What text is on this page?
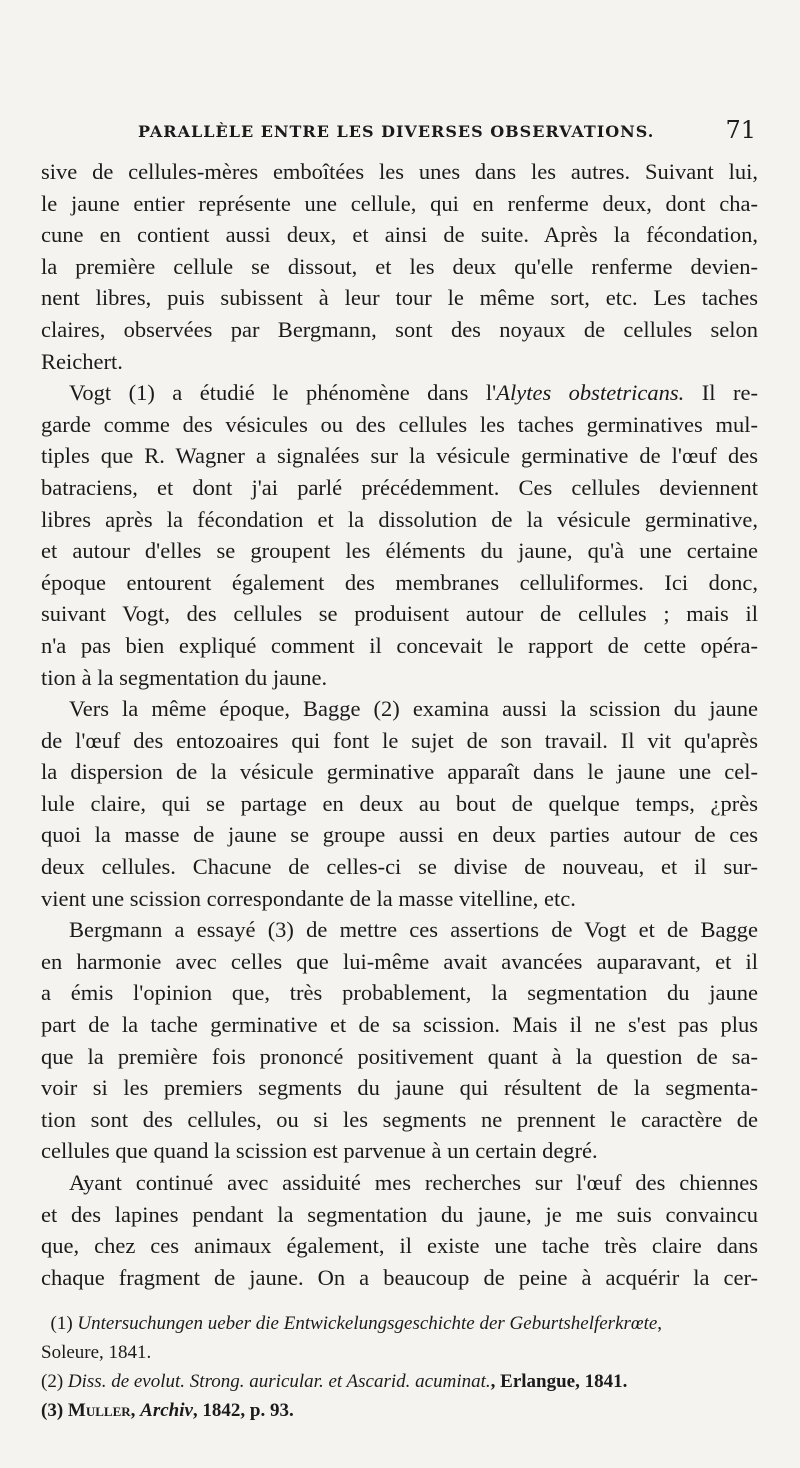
PARALLÈLE ENTRE LES DIVERSES OBSERVATIONS.	71

sive de cellules-mères emboîtées les unes dans les autres. Suivant lui,
le jaune entier représente une cellule, qui en renferme deux, dont cha-
cune en contient aussi deux, et ainsi de suite. Après la fécondation,
la première cellule se dissout, et les deux qu'elle renferme devien-
nent libres, puis subissent à leur tour le même sort, etc. Les taches
claires, observées par Bergmann, sont des noyaux de cellules selon
Reichert.

Vogt (1) a étudié le phénomène dans l'Alytes obstetricans. Il re-
garde comme des vésicules ou des cellules les taches germinatives mul-
tiples que R. Wagner a signalées sur la vésicule germinative de l'œuf des
batraciens, et dont j'ai parlé précédemment. Ces cellules deviennent
libres après la fécondation et la dissolution de la vésicule germinative,
et autour d'elles se groupent les éléments du jaune, qu'à une certaine
époque entourent également des membranes celluliformes. Ici donc,
suivant Vogt, des cellules se produisent autour de cellules ; mais il
n'a pas bien expliqué comment il concevait le rapport de cette opéra-
tion à la segmentation du jaune.

Vers la même époque, Bagge (2) examina aussi la scission du jaune
de l'œuf des entozoaires qui font le sujet de son travail. Il vit qu'après
la dispersion de la vésicule germinative apparaît dans le jaune une cel-
lule claire, qui se partage en deux au bout de quelque temps, ¿près
quoi la masse de jaune se groupe aussi en deux parties autour de ces
deux cellules. Chacune de celles-ci se divise de nouveau, et il sur-
vient une scission correspondante de la masse vitelline, etc.

Bergmann a essayé (3) de mettre ces assertions de Vogt et de Bagge
en harmonie avec celles que lui-même avait avancées auparavant, et il
a émis l'opinion que, très probablement, la segmentation du jaune
part de la tache germinative et de sa scission. Mais il ne s'est pas plus
que la première fois prononcé positivement quant à la question de sa-
voir si les premiers segments du jaune qui résultent de la segmenta-
tion sont des cellules, ou si les segments ne prennent le caractère de
cellules que quand la scission est parvenue à un certain degré.

Ayant continué avec assiduité mes recherches sur l'œuf des chiennes
et des lapines pendant la segmentation du jaune, je me suis convaincu
que, chez ces animaux également, il existe une tache très claire dans
chaque fragment de jaune. On a beaucoup de peine à acquérir la cer-

(1) Untersuchungen ueber die Entwickelungsgeschichte der Geburtshelferkrœte,
Soleure, 1841.
(2) Diss. de evolut. Strong. auricular. et Ascarid. acuminat., Erlangue, 1841.
(3) Muller, Archiv, 1842, p. 93.
